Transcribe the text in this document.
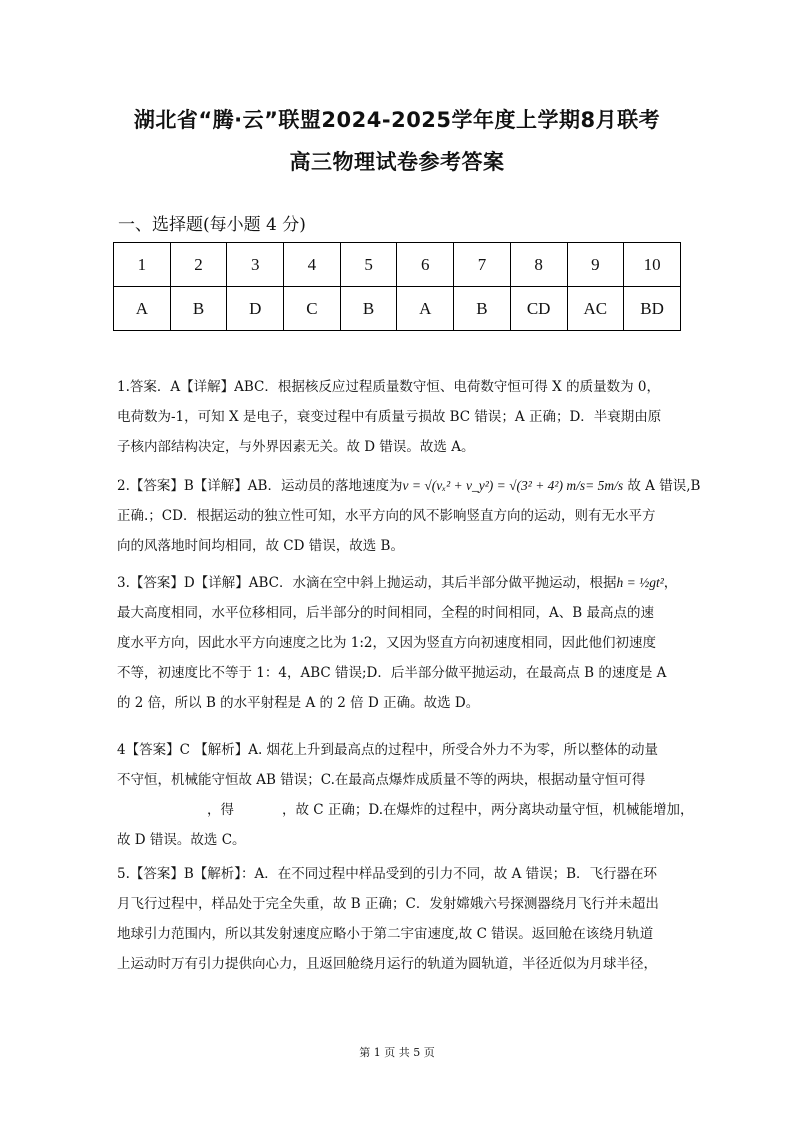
湖北省“腾·云”联盟2024-2025学年度上学期8月联考
高三物理试卷参考答案
一、选择题(每小题 4 分)
1	2	3	4	5	6	7	8	9	10
A	B	D	C	B	A	B	CD	AC	BD
1.答案．A【详解】ABC．根据核反应过程质量数守恒、电荷数守恒可得 X 的质量数为 0，
电荷数为-1，可知 X 是电子，衰变过程中有质量亏损故 BC 错误；A 正确；D．半衰期由原
子核内部结构决定，与外界因素无关。故 D 错误。故选 A。
2.【答案】B【详解】AB．运动员的落地速度为v = √(vₓ² + v_y²) = √(3² + 4²) m/s= 5m/s 故 A 错误,B
正确.；CD．根据运动的独立性可知，水平方向的风不影响竖直方向的运动，则有无水平方
向的风落地时间均相同，故 CD 错误，故选 B。
3.【答案】D【详解】ABC．水滴在空中斜上抛运动，其后半部分做平抛运动，根据h = ½gt²，
最大高度相同，水平位移相同，后半部分的时间相同，全程的时间相同，A、B 最高点的速
度水平方向，因此水平方向速度之比为 1:2，又因为竖直方向初速度相同，因此他们初速度
不等，初速度比不等于 1：4，ABC 错误;D．后半部分做平抛运动，在最高点 B 的速度是 A
的 2 倍，所以 B 的水平射程是 A 的 2 倍 D 正确。故选 D。
4【答案】C 【解析】A. 烟花上升到最高点的过程中，所受合外力不为零，所以整体的动量
不守恒，机械能守恒故 AB 错误；C.在最高点爆炸成质量不等的两块，根据动量守恒可得
，得	，故 C 正确；D.在爆炸的过程中，两分离块动量守恒，机械能增加，
故 D 错误。故选 C。
5.【答案】B【解析】：A．在不同过程中样品受到的引力不同，故 A 错误；B．飞行器在环
月飞行过程中，样品处于完全失重，故 B 正确；C．发射嫦娥六号探测器绕月飞行并未超出
地球引力范围内，所以其发射速度应略小于第二宇宙速度,故 C 错误。返回舱在该绕月轨道
上运动时万有引力提供向心力，且返回舱绕月运行的轨道为圆轨道，半径近似为月球半径，
第 1 页 共 5 页
